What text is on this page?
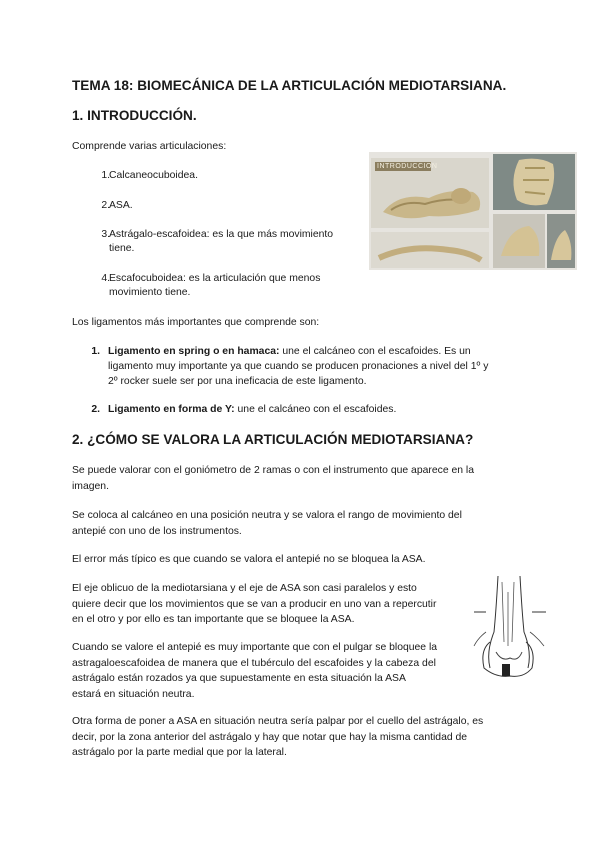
TEMA 18: BIOMECÁNICA DE LA ARTICULACIÓN MEDIOTARSIANA.
1. INTRODUCCIÓN.

Comprende varias articulaciones:

1. Calcaneocuboidea.
2. ASA.
3. Astrágalo-escafoidea: es la que más movimiento
tiene.
4. Escafocuboidea: es la articulación que menos
movimiento tiene.
INTRODUCCION

Los ligamentos más importantes que comprende son:

1. Ligamento en spring o en hamaca: une el calcáneo con el escafoides. Es un
ligamento muy importante ya que cuando se producen pronaciones a nivel del 1º y
2º rocker suele ser por una ineficacia de este ligamento.
2. Ligamento en forma de Y: une el calcáneo con el escafoides.
2. ¿CÓMO SE VALORA LA ARTICULACIÓN MEDIOTARSIANA?
Se puede valorar con el goniómetro de 2 ramas o con el instrumento que aparece en la
imagen.
Se coloca al calcáneo en una posición neutra y se valora el rango de movimiento del
antepié con uno de los instrumentos.
El error más típico es que cuando se valora el antepié no se bloquea la ASA.
El eje oblicuo de la mediotarsiana y el eje de ASA son casi paralelos y esto
quiere decir que los movimientos que se van a producir en uno van a repercutir
en el otro y por ello es tan importante que se bloquee la ASA.
Cuando se valore el antepié es muy importante que con el pulgar se bloquee la
astragaloescafoidea de manera que el tubérculo del escafoides y la cabeza del
astrágalo están rozados ya que supuestamente en esta situación la ASA
estará en situación neutra.
Otra forma de poner a ASA en situación neutra sería palpar por el cuello del astrágalo, es
decir, por la zona anterior del astrágalo y hay que notar que hay la misma cantidad de
astrágalo por la parte medial que por la lateral.
